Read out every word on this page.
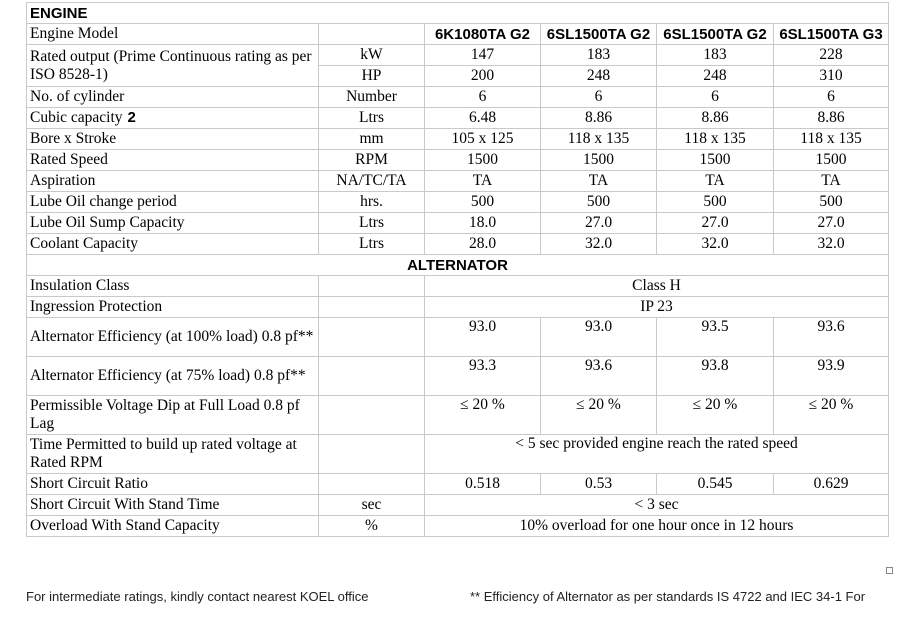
ENGINE					
Engine Model		6K1080TA G2	6SL1500TA G2	6SL1500TA G2	6SL1500TA G3
Rated output (Prime Continuous rating as per ISO 8528-1)	kW	147	183	183	228
	HP	200	248	248	310
No. of cylinder	Number	6	6	6	6
Cubic capacity 2	Ltrs	6.48	8.86	8.86	8.86
Bore x Stroke	mm	105 x 125	118 x 135	118 x 135	118 x 135
Rated Speed	RPM	1500	1500	1500	1500
Aspiration	NA/TC/TA	TA	TA	TA	TA
Lube Oil change period	hrs.	500	500	500	500
Lube Oil Sump Capacity	Ltrs	18.0	27.0	27.0	27.0
Coolant Capacity	Ltrs	28.0	32.0	32.0	32.0
ALTERNATOR					
Insulation Class		Class H			
Ingression Protection		IP 23			
Alternator Efficiency (at 100% load) 0.8 pf**		93.0	93.0	93.5	93.6
Alternator Efficiency (at 75% load) 0.8 pf**		93.3	93.6	93.8	93.9
Permissible Voltage Dip at Full Load 0.8 pf Lag		≤ 20 %	≤ 20 %	≤ 20 %	≤ 20 %
Time Permitted to build up rated voltage at Rated RPM		< 5 sec provided engine reach the rated speed			
Short Circuit Ratio		0.518	0.53	0.545	0.629
Short Circuit With Stand Time	sec	< 3 sec			
Overload With Stand Capacity	%	10% overload for one hour once in 12 hours			
For intermediate ratings, kindly contact nearest KOEL office	** Efficiency of Alternator as per standards IS 4722 and IEC 34-1 For
